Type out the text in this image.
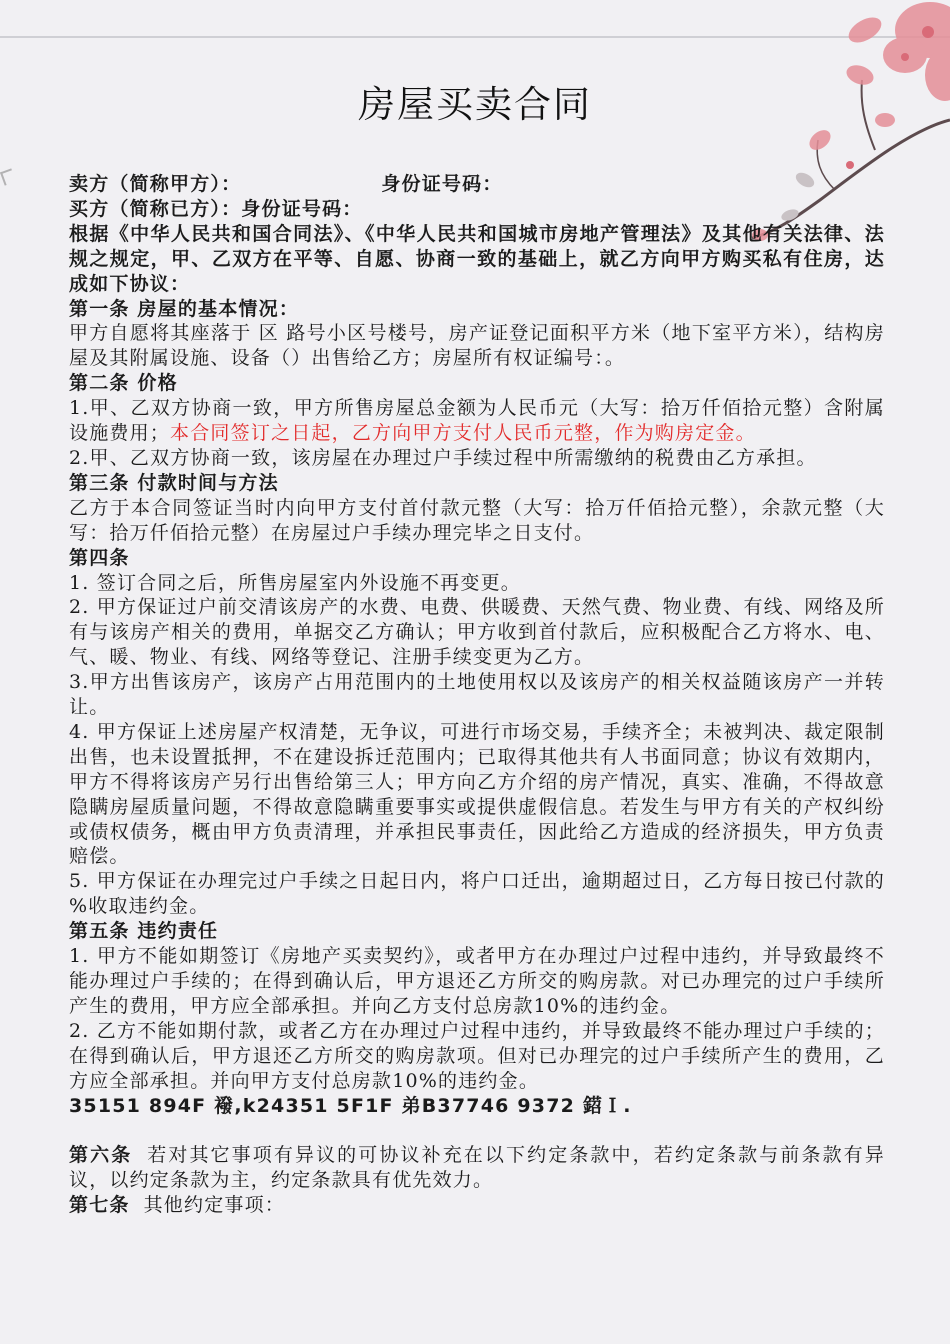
房屋买卖合同

卖方（简称甲方）：	身份证号码：

买方（简称已方）：身份证号码：

根据《中华人民共和国合同法》、《中华人民共和国城市房地产管理法》及其他有关法律、法规之规定，甲、乙双方在平等、自愿、协商一致的基础上，就乙方向甲方购买私有住房，达成如下协议：

第一条 房屋的基本情况：

甲方自愿将其座落于 区 路号小区号楼号，房产证登记面积平方米（地下室平方米），结构房屋及其附属设施、设备（）出售给乙方；房屋所有权证编号：。

第二条 价格

1.甲、乙双方协商一致，甲方所售房屋总金额为人民币元（大写：拾万仟佰拾元整）含附属设施费用；本合同签订之日起，乙方向甲方支付人民币元整，作为购房定金。

2.甲、乙双方协商一致，该房屋在办理过户手续过程中所需缴纳的税费由乙方承担。

第三条 付款时间与方法

乙方于本合同签证当时内向甲方支付首付款元整（大写：拾万仟佰拾元整），余款元整（大写：拾万仟佰拾元整）在房屋过户手续办理完毕之日支付。

第四条

1. 签订合同之后，所售房屋室内外设施不再变更。

2. 甲方保证过户前交清该房产的水费、电费、供暖费、天然气费、物业费、有线、网络及所有与该房产相关的费用，单据交乙方确认；甲方收到首付款后，应积极配合乙方将水、电、气、暖、物业、有线、网络等登记、注册手续变更为乙方。

3.甲方出售该房产，该房产占用范围内的土地使用权以及该房产的相关权益随该房产一并转让。

4. 甲方保证上述房屋产权清楚，无争议，可进行市场交易，手续齐全；未被判决、裁定限制出售，也未设置抵押，不在建设拆迁范围内；已取得其他共有人书面同意；协议有效期内，甲方不得将该房产另行出售给第三人；甲方向乙方介绍的房产情况，真实、准确，不得故意隐瞒房屋质量问题，不得故意隐瞒重要事实或提供虚假信息。若发生与甲方有关的产权纠纷或债权债务，概由甲方负责清理，并承担民事责任，因此给乙方造成的经济损失，甲方负责赔偿。

5. 甲方保证在办理完过户手续之日起日内，将户口迁出，逾期超过日，乙方每日按已付款的 %收取违约金。

第五条 违约责任

1. 甲方不能如期签订《房地产买卖契约》，或者甲方在办理过户过程中违约，并导致最终不能办理过户手续的；在得到确认后，甲方退还乙方所交的购房款。对已办理完的过户手续所产生的费用，甲方应全部承担。并向乙方支付总房款10%的违约金。

2. 乙方不能如期付款，或者乙方在办理过户过程中违约，并导致最终不能办理过户手续的；在得到确认后，甲方退还乙方所交的购房款项。但对已办理完的过户手续所产生的费用，乙方应全部承担。并向甲方支付总房款10%的违约金。

35151 894F 襏,k24351 5F1F 弟B37746 9372 鍣Ｉ.

第六条 若对其它事项有异议的可协议补充在以下约定条款中，若约定条款与前条款有异议，以约定条款为主，约定条款具有优先效力。

第七条 其他约定事项：
